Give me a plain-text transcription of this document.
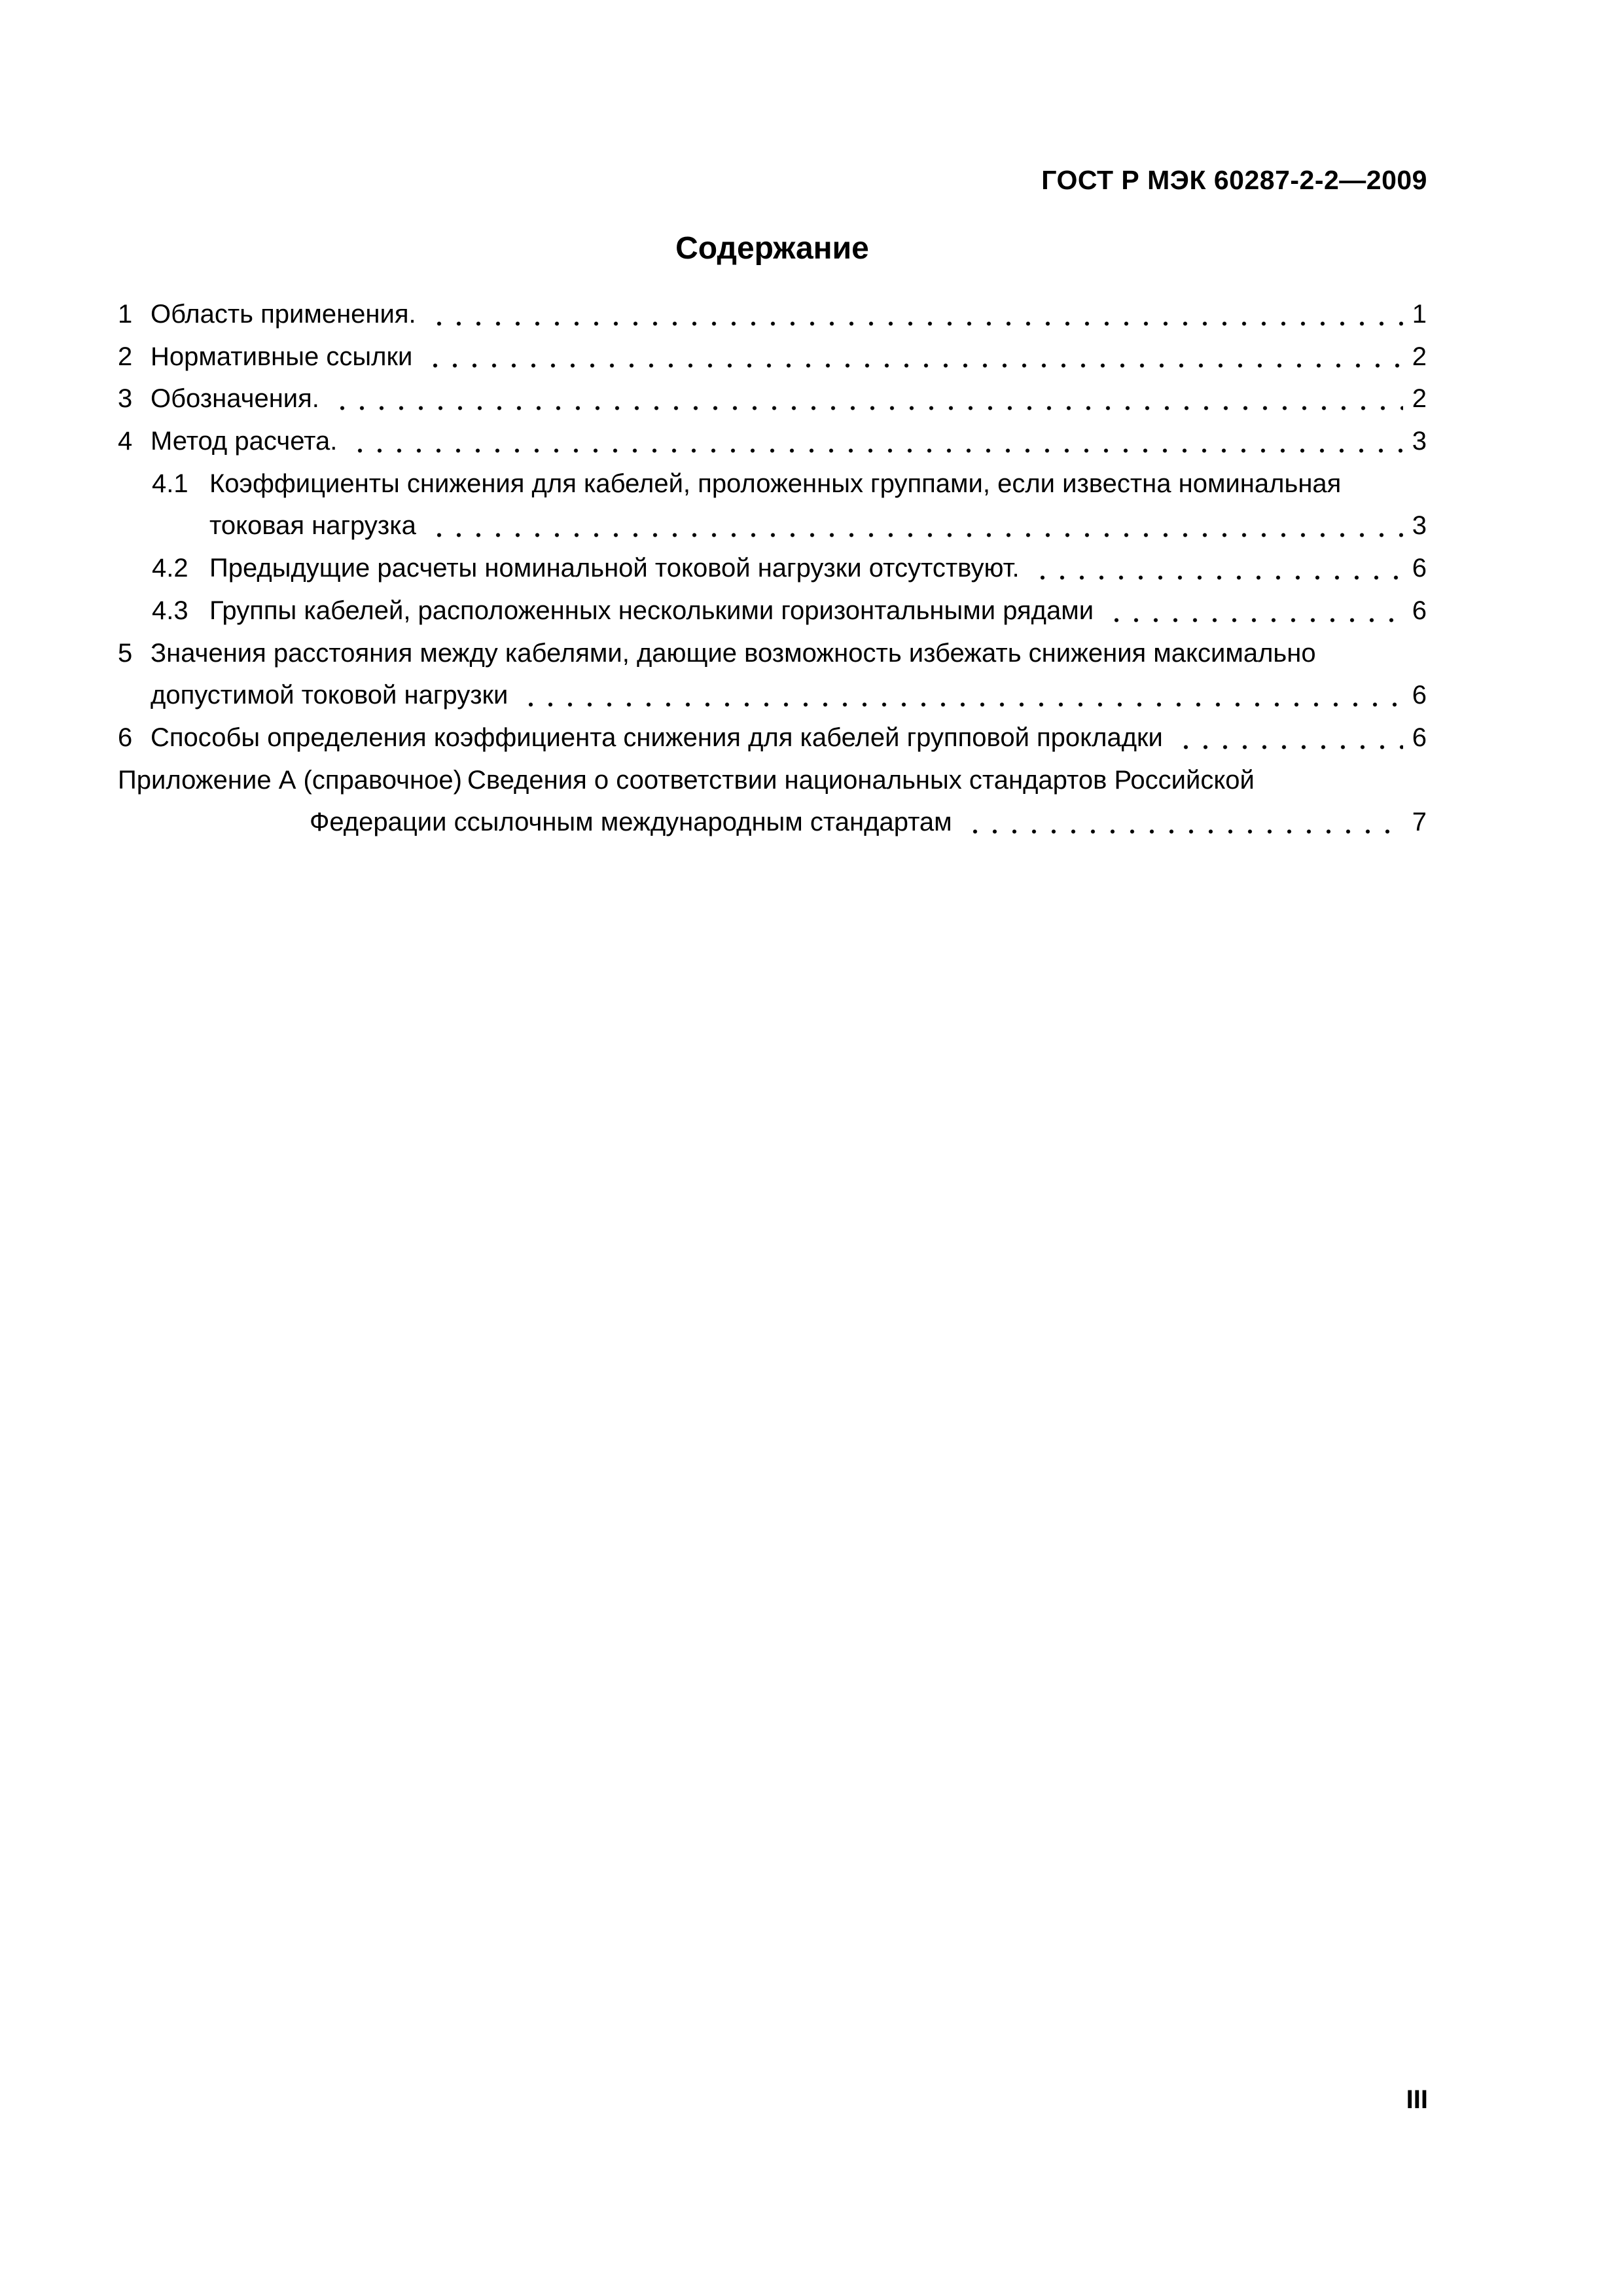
ГОСТ Р МЭК 60287-2-2—2009
Содержание
1 Область применения.	1
2 Нормативные ссылки	2
3 Обозначения.	2
4 Метод расчета.	3
4.1 Коэффициенты снижения для кабелей, проложенных группами, если известна номинальная
токовая нагрузка	3
4.2 Предыдущие расчеты номинальной токовой нагрузки отсутствуют.	6
4.3 Группы кабелей, расположенных несколькими горизонтальными рядами	6
5 Значения расстояния между кабелями, дающие возможность избежать снижения максимально
допустимой токовой нагрузки	6
6 Способы определения коэффициента снижения для кабелей групповой прокладки	6
Приложение А (справочное) Сведения о соответствии национальных стандартов Российской
Федерации ссылочным международным стандартам	7
III
